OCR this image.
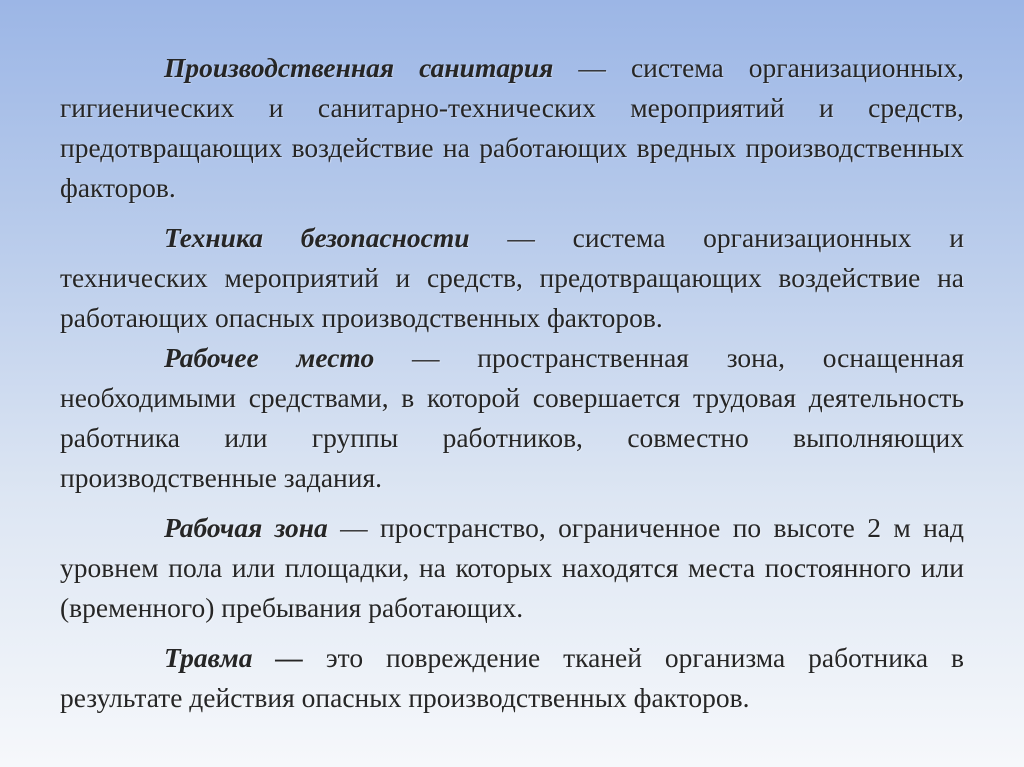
Производственная санитария — система организационных, гигиенических и санитарно-технических мероприятий и средств, предотвращающих воздействие на работающих вредных производственных факторов.

Техника безопасности — система организационных и технических мероприятий и средств, предотвращающих воздействие на работающих опасных производственных факторов.

Рабочее место — пространственная зона, оснащенная необходимыми средствами, в которой совершается трудовая деятельность работника или группы работников, совместно выполняющих производственные задания.

Рабочая зона — пространство, ограниченное по высоте 2 м над уровнем пола или площадки, на которых находятся места постоянного или (временного) пребывания работающих.

Травма — это повреждение тканей организма работника в результате действия опасных производственных факторов.
